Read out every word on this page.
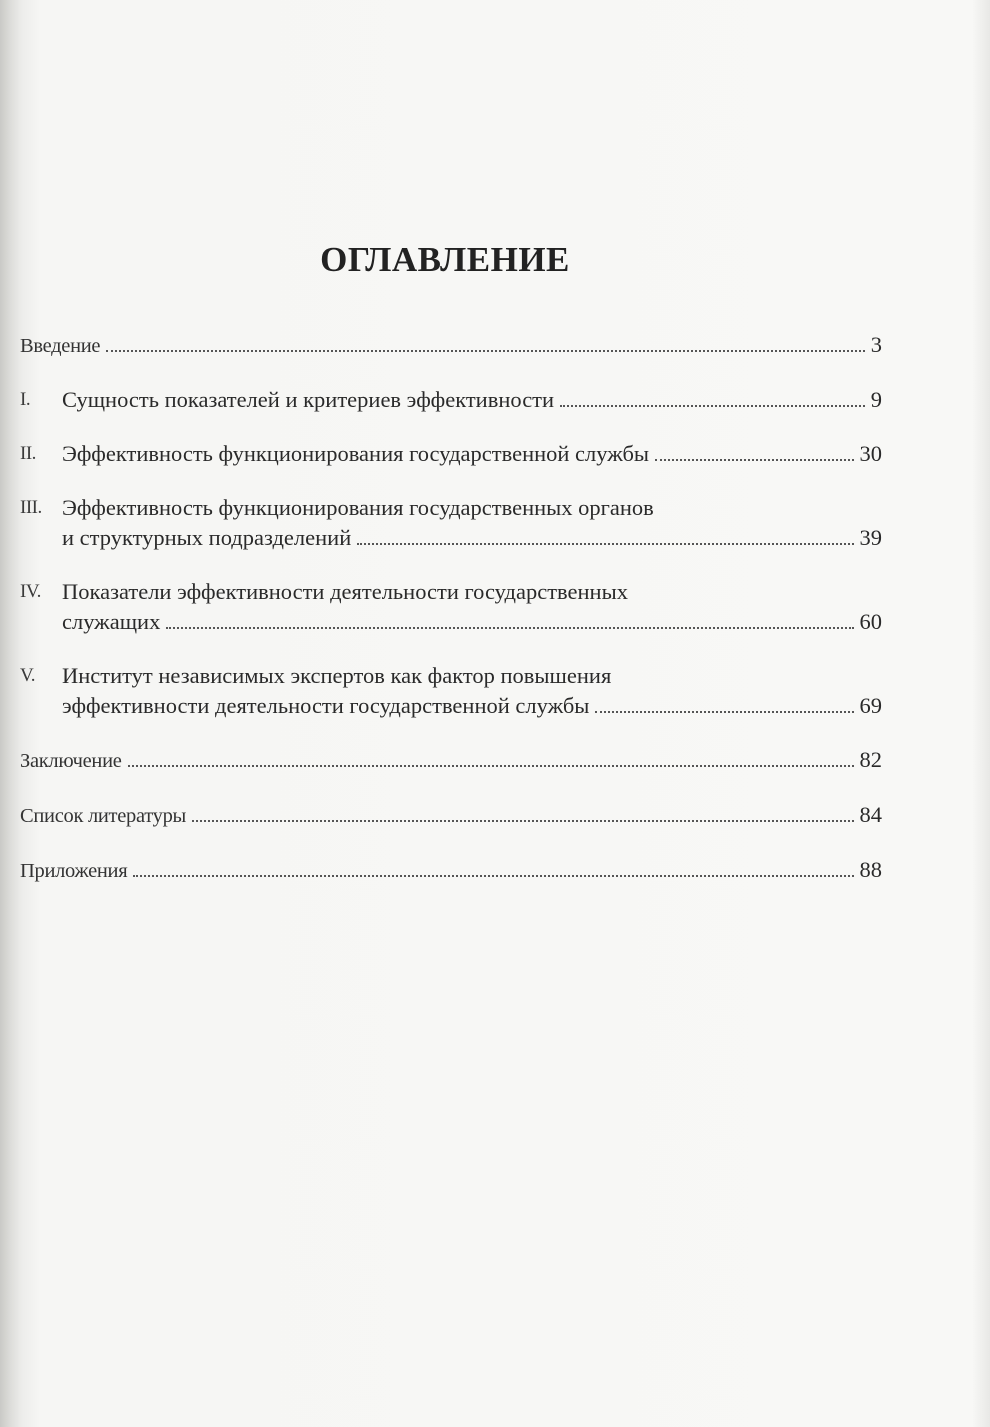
ОГЛАВЛЕНИЕ
Введение	3
I. Сущность показателей и критериев эффективности	9
II. Эффективность функционирования государственной службы	30
III. Эффективность функционирования государственных органов
и структурных подразделений	39
IV. Показатели эффективности деятельности государственных
служащих	60
V. Институт независимых экспертов как фактор повышения
эффективности деятельности государственной службы	69
Заключение	82
Список литературы	84
Приложения	88
